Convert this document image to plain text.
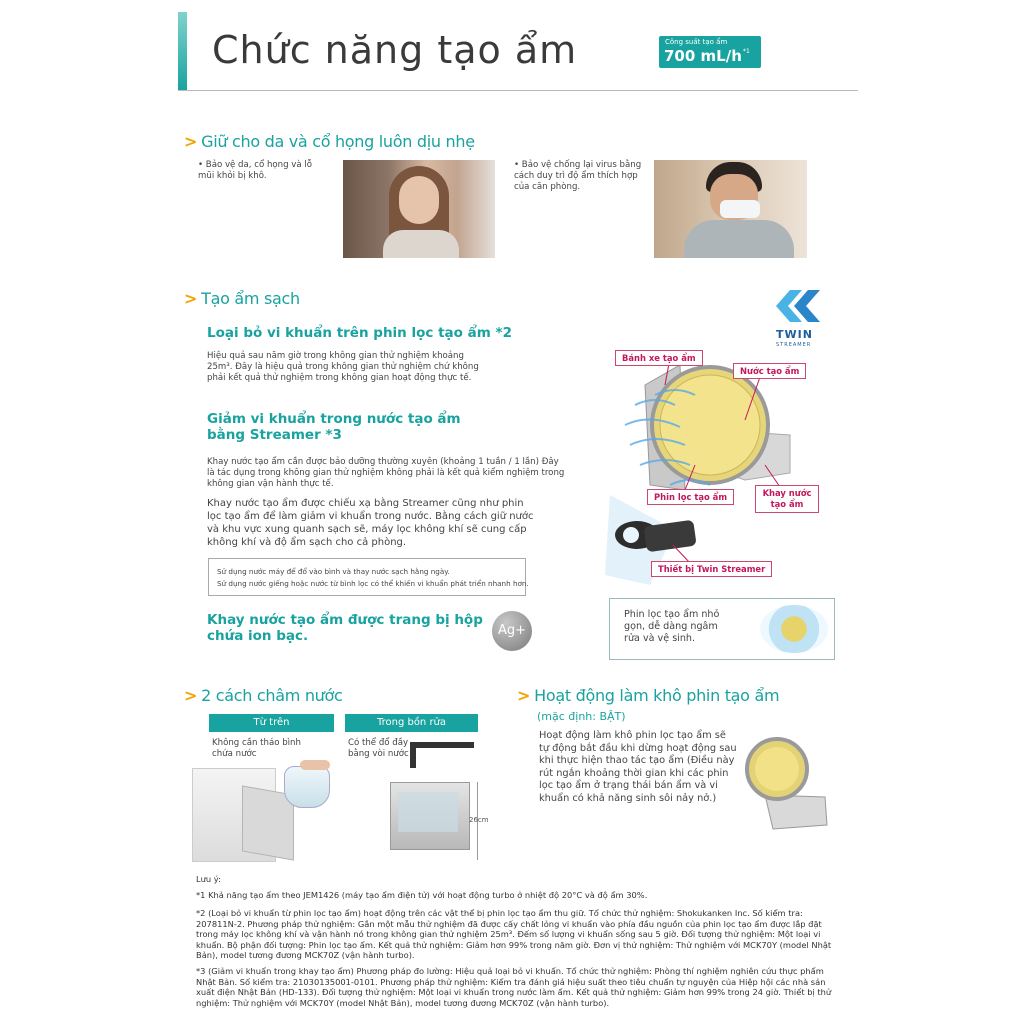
Chức năng tạo ẩm	Công suất tạo ẩm
700 mL/h *1
> Giữ cho da và cổ họng luôn dịu nhẹ
• Bảo vệ da, cổ họng và lỗ mũi khỏi bị khô.
• Bảo vệ chống lại virus bằng cách duy trì độ ẩm thích hợp của căn phòng.
> Tạo ẩm sạch
TWIN
STREAMER
Loại bỏ vi khuẩn trên phin lọc tạo ẩm *2
Hiệu quả sau năm giờ trong không gian thử nghiệm khoảng 25m³. Đây là hiệu quả trong không gian thử nghiệm chứ không phải kết quả thử nghiệm trong không gian hoạt động thực tế.
Giảm vi khuẩn trong nước tạo ẩm
bằng Streamer *3
Khay nước tạo ẩm cần được bảo dưỡng thường xuyên (khoảng 1 tuần / 1 lần) Đây là tác dụng trong không gian thử nghiệm không phải là kết quả kiểm nghiệm trong không gian vận hành thực tế.
Khay nước tạo ẩm được chiếu xạ bằng Streamer cũng như phin lọc tạo ẩm để làm giảm vi khuẩn trong nước. Bằng cách giữ nước và khu vực xung quanh sạch sẽ, máy lọc không khí sẽ cung cấp không khí và độ ẩm sạch cho cả phòng.
Sử dụng nước máy để đổ vào bình và thay nước sạch hằng ngày.
Sử dụng nước giếng hoặc nước từ bình lọc có thể khiến vi khuẩn phát triển nhanh hơn.
Khay nước tạo ẩm được trang bị hộp
chứa ion bạc.	Ag+
Bánh xe tạo ẩm
Nước tạo ẩm
Phin lọc tạo ẩm	Khay nước tạo ẩm
Thiết bị Twin Streamer
Phin lọc tạo ẩm nhỏ gọn, dễ dàng ngâm rửa và vệ sinh.
> 2 cách châm nước
Từ trên	Trong bồn rửa
Không cần tháo bình chứa nước
Có thể đổ đầy bằng vòi nước
26cm
> Hoạt động làm khô phin tạo ẩm
(mặc định: BẬT)
Hoạt động làm khô phin lọc tạo ẩm sẽ tự động bắt đầu khi dừng hoạt động sau khi thực hiện thao tác tạo ẩm (Điều này rút ngắn khoảng thời gian khi các phin lọc tạo ẩm ở trạng thái bán ẩm và vi khuẩn có khả năng sinh sôi nảy nở.)
Lưu ý:
*1 Khả năng tạo ẩm theo JEM1426 (máy tạo ẩm điện tử) với hoạt động turbo ở nhiệt độ 20°C và độ ẩm 30%.
*2 (Loại bỏ vi khuẩn từ phin lọc tạo ẩm) hoạt động trên các vật thể bị phin lọc tạo ẩm thu giữ. Tổ chức thử nghiệm: Shokukanken Inc. Số kiểm tra: 207811N-2. Phương pháp thử nghiệm: Gắn một mẫu thử nghiệm đã được cấy chất lỏng vi khuẩn vào phía đầu nguồn của phin lọc tạo ẩm được lắp đặt trong máy lọc không khí và vận hành nó trong không gian thử nghiệm 25m³. Đếm số lượng vi khuẩn sống sau 5 giờ. Đối tượng thử nghiệm: Một loại vi khuẩn. Bộ phận đối tượng: Phin lọc tạo ẩm. Kết quả thử nghiệm: Giảm hơn 99% trong năm giờ. Đơn vị thử nghiệm: Thử nghiệm với MCK70Y (model Nhật Bản), model tương đương MCK70Z (vận hành turbo).
*3 (Giảm vi khuẩn trong khay tạo ẩm) Phương pháp đo lường: Hiệu quả loại bỏ vi khuẩn. Tổ chức thử nghiệm: Phòng thí nghiệm nghiên cứu thực phẩm Nhật Bản. Số kiểm tra: 21030135001-0101. Phương pháp thử nghiệm: Kiểm tra đánh giá hiệu suất theo tiêu chuẩn tự nguyện của Hiệp hội các nhà sản xuất điện Nhật Bản (HD-133). Đối tượng thử nghiệm: Một loại vi khuẩn trong nước làm ẩm. Kết quả thử nghiệm: Giảm hơn 99% trong 24 giờ. Thiết bị thử nghiệm: Thử nghiệm với MCK70Y (model Nhật Bản), model tương đương MCK70Z (vận hành turbo).
